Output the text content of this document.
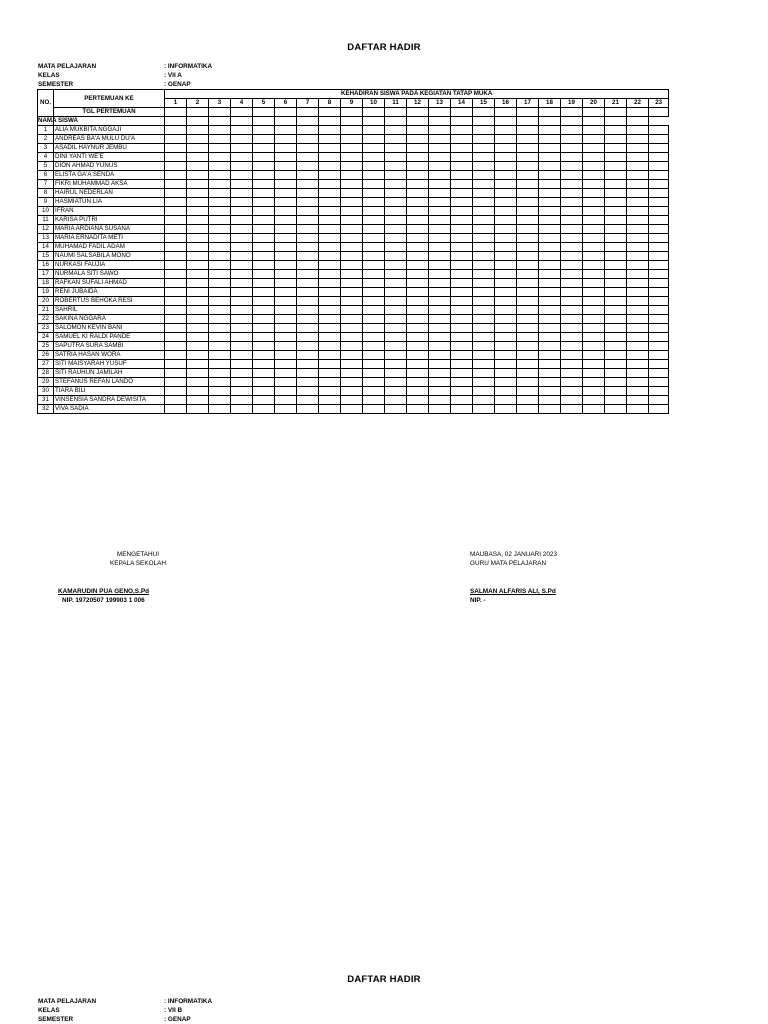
DAFTAR HADIR
MATA PELAJARAN	: INFORMATIKA
KELAS	: VII A
SEMESTER	: GENAP
NO.	PERTEMUAN KE	KEHADIRAN SISWA PADA KEGIATAN TATAP MUKA																						
		1	2	3	4	5	6	7	8	9	10	11	12	13	14	15	16	17	18	19	20	21	22	23
	TGL PERTEMUAN																							
NAMA SISWA																								
1	ALIA MUKBITA NGGAJI																							
2	ANDREAS BA'A MULU DU'A																							
3	ASADIL HAYNUR JEMBU																							
4	DINI YANTI WE'E																							
5	DION AHMAD YUNUS																							
6	ELISTA GA'A SENDA																							
7	FIKRI MUHAMMAD AKSA																							
8	HAIRUL NEDERLAN																							
9	HASMIATUN LIA																							
10	IFRAN																							
11	KARISA PUTRI																							
12	MARIA ARDIANA SUSANA																							
13	MARIA ERNADITA METI																							
14	MUHAMAD FADIL ADAM																							
15	NAUMI SALSABILA MONO																							
16	NURKASI FAUJIA																							
17	NURMALA SITI SAWO																							
18	RAFKAN SUFALI AHMAD																							
19	RENI JUBAIDA																							
20	ROBERTUS BEHOKA RESI																							
21	SAHRIL																							
22	SAKINA NGGARA																							
23	SALOMON KEVIN BANI																							
24	SAMUEL KI RALDI PANDE																							
25	SAPUTRA SURA SAMBI																							
26	SATRIA HASAN WORA																							
27	SITI MAISYARAH YUSUF																							
28	SITI RAUHUN JAMILAH																							
29	STEFANUS REFAN LANDO																							
30	TIARA BILI																							
31	VINSENSIA SANDRA DEWISITA																							
32	VIVA SADIA																							
MENGETAHUI
KEPALA SEKOLAH
KAMARUDIN PUA GENO,S.Pd
NIP. 19720507 199903 1 006
MAUBASA, 02 JANUARI 2023
GURU MATA PELAJARAN
SALMAN ALFARIS ALI, S.Pd
NIP. -
DAFTAR HADIR
MATA PELAJARAN	: INFORMATIKA
KELAS	: VII B
SEMESTER	: GENAP
